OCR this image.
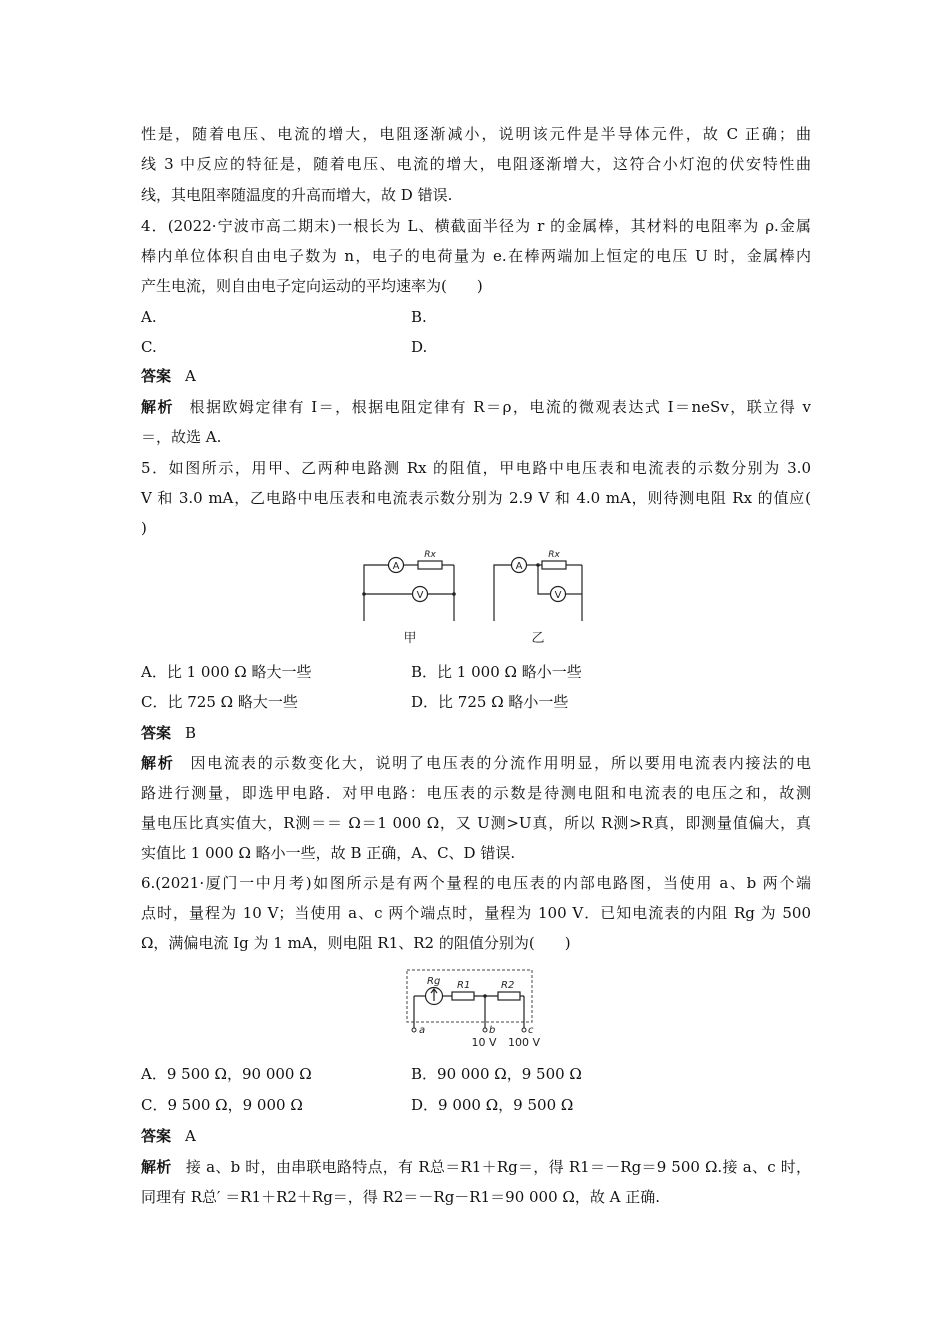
性是，随着电压、电流的增大，电阻逐渐减小，说明该元件是半导体元件，故 C 正确；曲
线 3 中反应的特征是，随着电压、电流的增大，电阻逐渐增大，这符合小灯泡的伏安特性曲
线，其电阻率随温度的升高而增大，故 D 错误.
4．(2022·宁波市高二期末)一根长为 L、横截面半径为 r 的金属棒，其材料的电阻率为 ρ.金属
棒内单位体积自由电子数为 n，电子的电荷量为 e.在棒两端加上恒定的电压 U 时，金属棒内
产生电流，则自由电子定向运动的平均速率为(　　)
A.	B.
C.	D.
答案 A
解析 根据欧姆定律有 I＝，根据电阻定律有 R＝ρ，电流的微观表达式 I＝neSv，联立得 v
＝，故选 A.
5．如图所示，用甲、乙两种电路测 Rx 的阻值，甲电路中电压表和电流表的示数分别为 3.0
V 和 3.0 mA，乙电路中电压表和电流表示数分别为 2.9 V 和 4.0 mA，则待测电阻 Rx 的值应(
)
A
V
A
V
Rx	Rx
甲	乙
A．比 1 000 Ω 略大一些	B．比 1 000 Ω 略小一些
C．比 725 Ω 略大一些	D．比 725 Ω 略小一些
答案 B
解析 因电流表的示数变化大，说明了电压表的分流作用明显，所以要用电流表内接法的电
路进行测量，即选甲电路．对甲电路：电压表的示数是待测电阻和电流表的电压之和，故测
量电压比真实值大，R测＝＝ Ω＝1 000 Ω，又 U测>U真，所以 R测>R真，即测量值偏大，真
实值比 1 000 Ω 略小一些，故 B 正确，A、C、D 错误.
6.(2021·厦门一中月考)如图所示是有两个量程的电压表的内部电路图，当使用 a、b 两个端
点时，量程为 10 V；当使用 a、c 两个端点时，量程为 100 V．已知电流表的内阻 Rg 为 500
Ω，满偏电流 Ig 为 1 mA，则电阻 R1、R2 的阻值分别为(　　)
Rg R1	R2
a	b	c
10 V 100 V
A．9 500 Ω，90 000 Ω	B．90 000 Ω，9 500 Ω
C．9 500 Ω，9 000 Ω	D．9 000 Ω，9 500 Ω
答案 A
解析 接 a、b 时，由串联电路特点，有 R总＝R1＋Rg＝，得 R1＝－Rg＝9 500 Ω.接 a、c 时，
同理有 R总′ ＝R1＋R2＋Rg＝，得 R2＝－Rg－R1＝90 000 Ω，故 A 正确.
